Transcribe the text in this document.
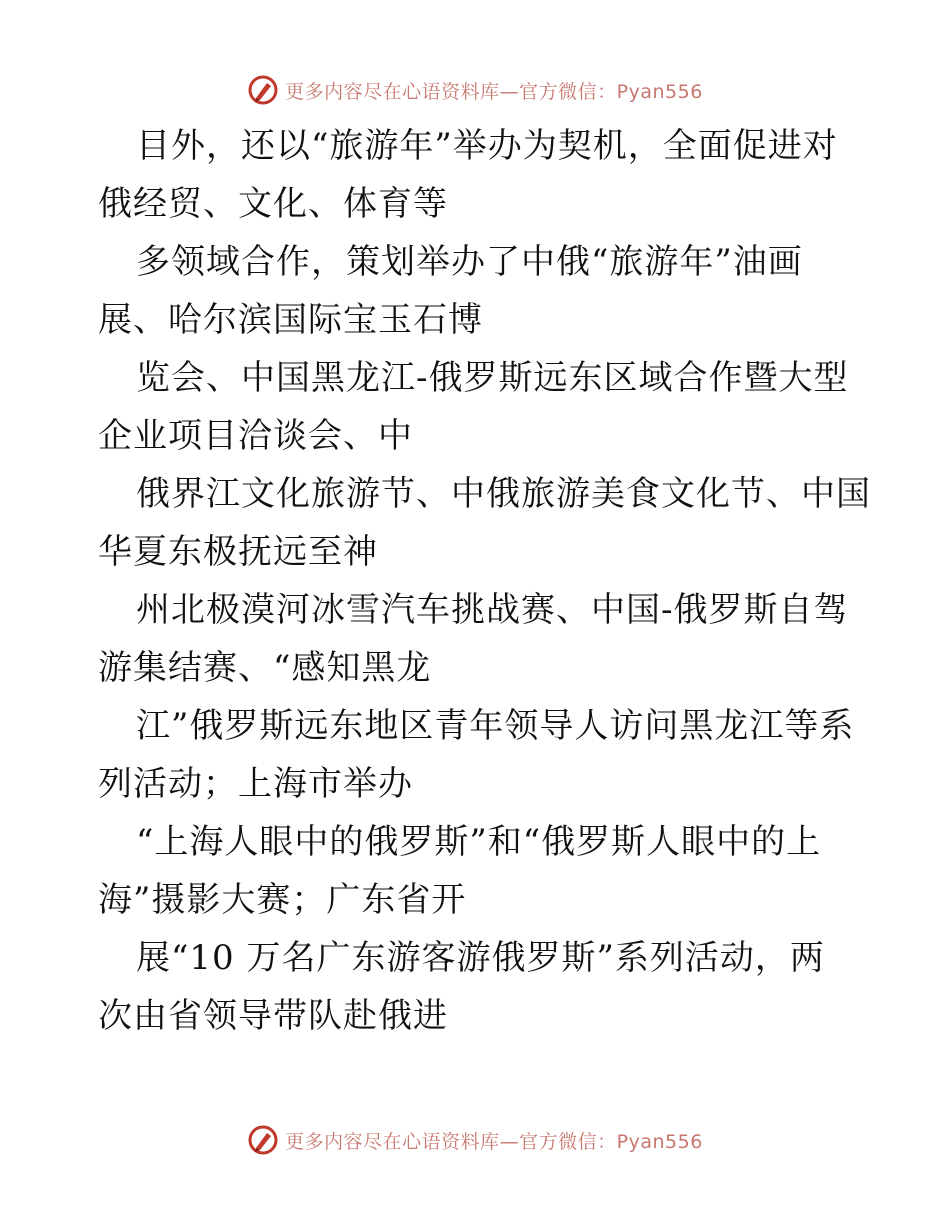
更多内容尽在心语资料库—官方微信：Pyan556
目外，还以“旅游年”举办为契机，全面促进对
俄经贸、文化、体育等
多领域合作，策划举办了中俄“旅游年”油画
展、哈尔滨国际宝玉石博
览会、中国黑龙江-俄罗斯远东区域合作暨大型
企业项目洽谈会、中
俄界江文化旅游节、中俄旅游美食文化节、中国
华夏东极抚远至神
州北极漠河冰雪汽车挑战赛、中国-俄罗斯自驾
游集结赛、“感知黑龙
江”俄罗斯远东地区青年领导人访问黑龙江等系
列活动；上海市举办
“上海人眼中的俄罗斯”和“俄罗斯人眼中的上
海”摄影大赛；广东省开
展“10 万名广东游客游俄罗斯”系列活动，两
次由省领导带队赴俄进
更多内容尽在心语资料库—官方微信：Pyan556
